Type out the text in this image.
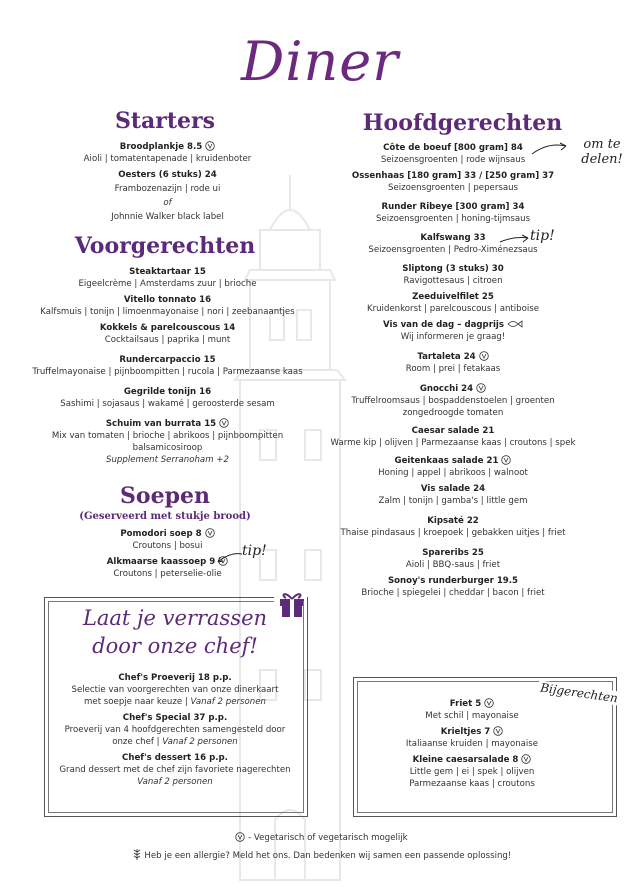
Diner
Starters
Broodplankje 8.5
Aioli | tomatentapenade | kruidenboter
Oesters (6 stuks) 24
Frambozenazijn | rode ui
of
Johnnie Walker black label
Voorgerechten
Steaktartaar 15
Eigeelcrème | Amsterdams zuur | brioche
Vitello tonnato 16
Kalfsmuis | tonijn | limoenmayonaise | nori | zeebanaantjes
Kokkels & parelcouscous 14
Cocktailsaus | paprika | munt
Rundercarpaccio 15
Truffelmayonaise | pijnboompitten | rucola | Parmezaanse kaas
Gegrilde tonijn 16
Sashimi | sojasaus | wakamé | geroosterde sesam
Schuim van burrata 15
Mix van tomaten | brioche | abrikoos | pijnboompitten
balsamicosiroop
Supplement Serranoham +2
Soepen
(Geserveerd met stukje brood)
Pomodori soep 8
Croutons | bosui
Alkmaarse kaassoep 9
Croutons | peterselie-olie
tip!
Laat je verrassen
door onze chef!
Chef's Proeverij 18 p.p.
Selectie van voorgerechten van onze dinerkaart
met soepje naar keuze | Vanaf 2 personen
Chef's Special 37 p.p.
Proeverij van 4 hoofdgerechten samengesteld door
onze chef | Vanaf 2 personen
Chef's dessert 16 p.p.
Grand dessert met de chef zijn favoriete nagerechten
Vanaf 2 personen
Hoofdgerechten
om te delen!
Côte de boeuf [800 gram] 84
Seizoensgroenten | rode wijnsaus
Ossenhaas [180 gram] 33 / [250 gram] 37
Seizoensgroenten | pepersaus
Runder Ribeye [300 gram] 34
Seizoensgroenten | honing-tijmsaus
Kalfswang 33
Seizoensgroenten | Pedro-Ximénezsaus
Sliptong (3 stuks) 30
Ravigottesaus | citroen
Zeeduivelfilet 25
Kruidenkorst | parelcouscous | antiboise
Vis van de dag – dagprijs
Wij informeren je graag!
Tartaleta 24
Room | prei | fetakaas
Gnocchi 24
Truffelroomsaus | bospaddenstoelen | groenten
zongedroogde tomaten
Caesar salade 21
Warme kip | olijven | Parmezaanse kaas | croutons | spek
Geitenkaas salade 21
Honing | appel | abrikoos | walnoot
Vis salade 24
Zalm | tonijn | gamba's | little gem
Kipsaté 22
Thaise pindasaus | kroepoek | gebakken uitjes | friet
Spareribs 25
Aioli | BBQ-saus | friet
Sonoy's runderburger 19.5
Brioche | spiegelei | cheddar | bacon | friet
tip!
Bijgerechten
Friet 5
Met schil | mayonaise
Krieltjes 7
Italiaanse kruiden | mayonaise
Kleine caesarsalade 8
Little gem | ei | spek | olijven
Parmezaanse kaas | croutons
- Vegetarisch of vegetarisch mogelijk
Heb je een allergie? Meld het ons. Dan bedenken wij samen een passende oplossing!
